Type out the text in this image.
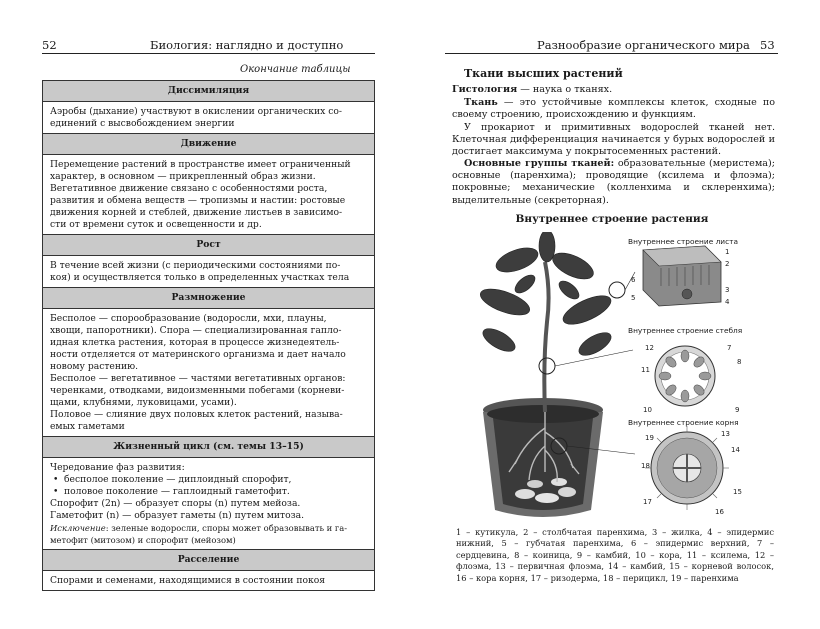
52	Биология: наглядно и доступно
Окончание таблицы
Диссимиляция

Аэробы (дыхание) участвуют в окислении органических со-
единений с высвобождением энергии

Движение

Перемещение растений в пространстве имеет ограниченный
характер, в основном — прикрепленный образ жизни.
Вегетативное движение связано с особенностями роста,
развития и обмена веществ — тропизмы и настии: ростовые
движения корней и стеблей, движение листьев в зависимо-
сти от времени суток и освещенности и др.

Рост

В течение всей жизни (с периодическими состояниями по-
коя) и осуществляется только в определенных участках тела

Размножение

Бесполое — спорообразование (водоросли, мхи, плауны,
хвощи, папоротники). Спора — специализированная гапло-
идная клетка растения, которая в процессе жизнедеятель-
ности отделяется от материнского организма и дает начало
новому растению.
Бесполое — вегетативное — частями вегетативных органов:
черенками, отводками, видоизменными побегами (корневи-
щами, клубнями, луковицами, усами).
Половое — слияние двух половых клеток растений, называ-
емых гаметами

Жизненный цикл (см. темы 13–15)

Чередование фаз развития:
• бесполое поколение — диплоидный спорофит,
• половое поколение — гаплоидный гаметофит.
Спорофит (2n) — образует споры (n) путем мейоза.
Гаметофит (n) — образует гаметы (n) путем митоза.
Исключение: зеленые водоросли, споры может образовывать и га-
метофит (митозом) и спорофит (мейозом)

Расселение

Спорами и семенами, находящимися в состоянии покоя
Разнообразие органического мира 53
Ткани высших растений
Гистология — наука о тканях.
Ткань — это устойчивые комплексы клеток, сходные по своему строению, происхождению и функциям.
У прокариот и примитивных водорослей тканей нет. Клеточная дифференциация начинается у бурых водорослей и достигает максимума у покрытосеменных растений.
Основные группы тканей: образовательные (меристема); основные (паренхима); проводящие (ксилема и флоэма); покровные; механические (колленхима и склеренхима); выделительные (секреторная).
Внутреннее строение растения
Внутреннее строение листа
Внутреннее строение стебля
Внутреннее строение корня
1
2
3
4
5
6
7
8
9
10
11
12
13
14
15
16
17
18
19
1 – кутикула, 2 – столбчатая паренхима, 3 – жилка, 4 – эпидермис нижний, 5 – губчатая паренхима, 6 – эпидермис верхний, 7 – сердцевина, 8 – коиница, 9 – камбий, 10 – кора, 11 – ксилема, 12 – флоэма, 13 – первичная флоэма, 14 – камбий, 15 – корневой волосок, 16 – кора корня, 17 – ризодерма, 18 – перицикл, 19 – паренхима
